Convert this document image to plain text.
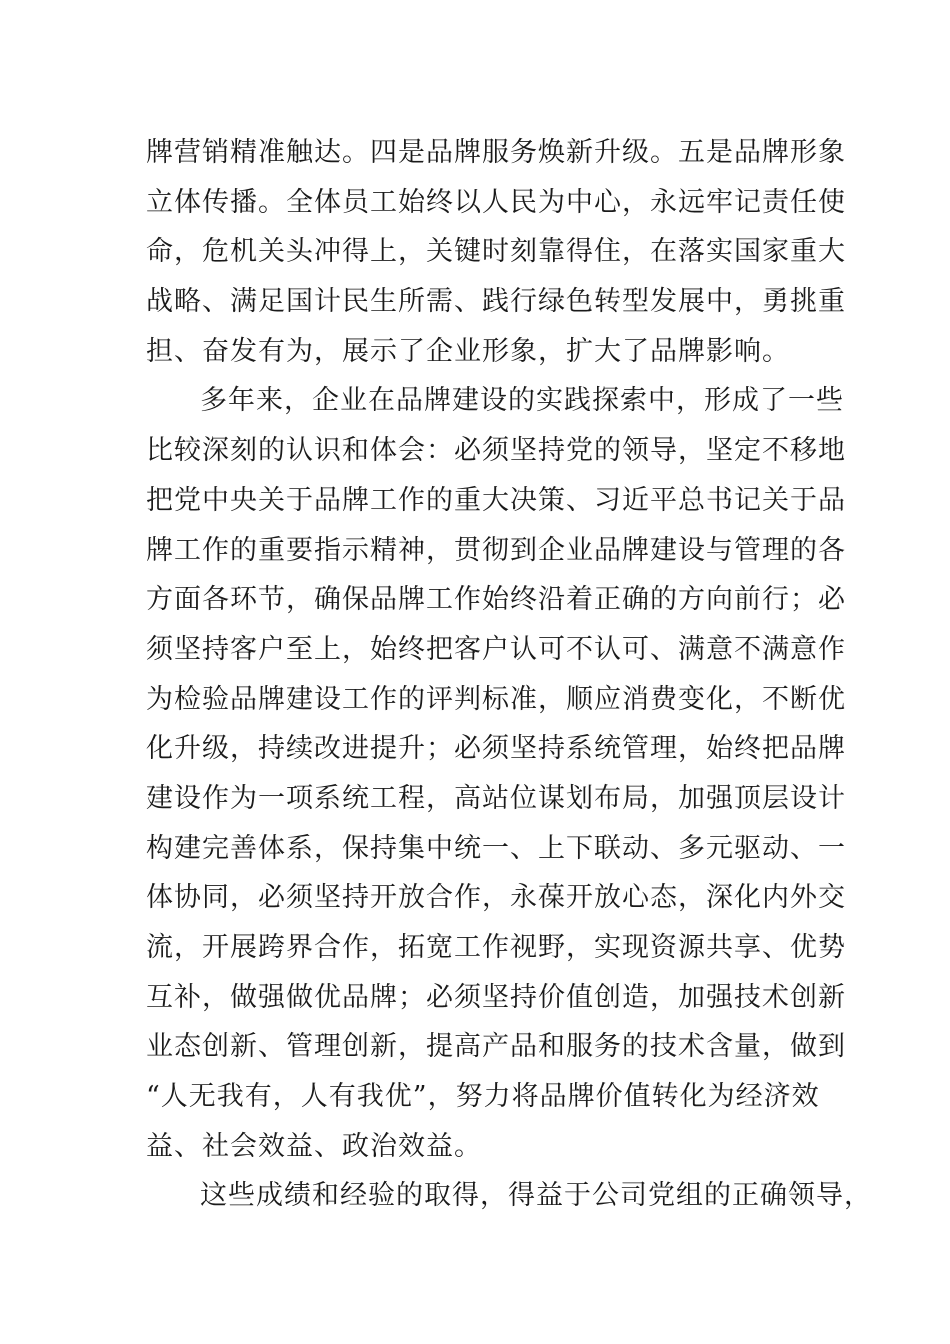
牌营销精准触达。四是品牌服务焕新升级。五是品牌形象
立体传播。全体员工始终以人民为中心，永远牢记责任使
命，危机关头冲得上，关键时刻靠得住，在落实国家重大
战略、满足国计民生所需、践行绿色转型发展中，勇挑重
担、奋发有为，展示了企业形象，扩大了品牌影响。
多年来，企业在品牌建设的实践探索中，形成了一些
比较深刻的认识和体会：必须坚持党的领导，坚定不移地
把党中央关于品牌工作的重大决策、习近平总书记关于品
牌工作的重要指示精神，贯彻到企业品牌建设与管理的各
方面各环节，确保品牌工作始终沿着正确的方向前行；必
须坚持客户至上，始终把客户认可不认可、满意不满意作
为检验品牌建设工作的评判标准，顺应消费变化，不断优
化升级，持续改进提升；必须坚持系统管理，始终把品牌
建设作为一项系统工程，高站位谋划布局，加强顶层设计
构建完善体系，保持集中统一、上下联动、多元驱动、一
体协同，必须坚持开放合作，永葆开放心态，深化内外交
流，开展跨界合作，拓宽工作视野，实现资源共享、优势
互补，做强做优品牌；必须坚持价值创造，加强技术创新
业态创新、管理创新，提高产品和服务的技术含量，做到
“人无我有，人有我优”，努力将品牌价值转化为经济效
益、社会效益、政治效益。
这些成绩和经验的取得，得益于公司党组的正确领导，
